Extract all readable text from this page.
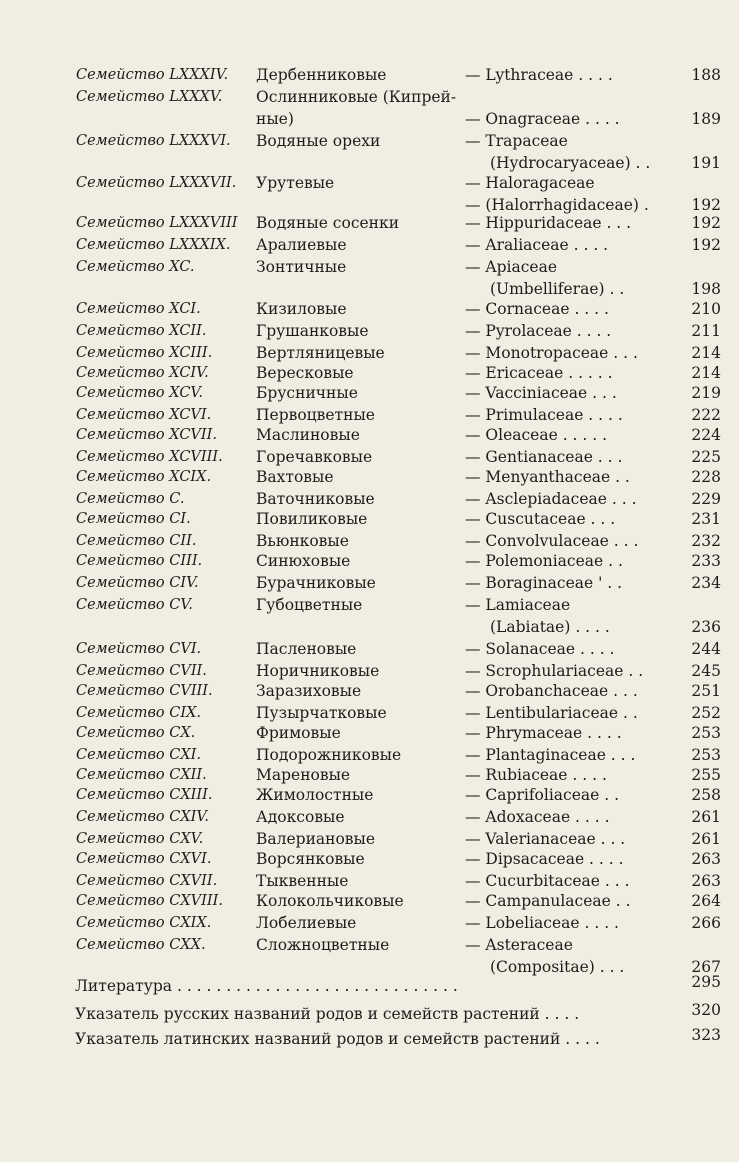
Семейство LXXXIV. Дербенниковые	— Lythraceae . . . .	188
Семейство LXXXV. Ослинниковые (Кипрей-
ные)	— Onagraceae . . . .	189
Семейство LXXXVI. Водяные орехи	— Trapaceae
(Hydrocaryaceae) . .	191
Семейство LXXXVII. Урутевые	— Haloragaceae
— (Halorrhagidaceae) .	192
Семейство LXXXVIII Водяные сосенки	— Hippuridaceae . . .	192
Семейство LXXXIX. Аралиевые	— Araliaceae . . . .	192
Семейство XC.	Зонтичные	— Apiaceae
(Umbelliferae) . .	198
Семейство XCI.	Кизиловые	— Cornaceae . . . .	210
Семейство XCII.	Грушанковые	— Pyrolaceae . . . .	211
Семейство XCIII.	Вертляницевые	— Monotropaceae . . .	214
Семейство XCIV.	Вересковые	— Ericaceae . . . . .	214
Семейство XCV.	Брусничные	— Vacciniaceae . . .	219
Семейство XCVI.	Первоцветные	— Primulaceae . . . .	222
Семейство XCVII.	Маслиновые	— Oleaceae . . . . .	224
Семейство XCVIII. Горечавковые	— Gentianaceae . . .	225
Семейство XCIX.	Вахтовые	— Menyanthaceae . .	228
Семейство C.	Ваточниковые	— Asclepiadaceae . . .	229
Семейство CI.	Повиликовые	— Cuscutaceae . . .	231
Семейство CII.	Вьюнковые	— Convolvulaceae . . .	232
Семейство CIII.	Синюховые	— Polemoniaceae . .	233
Семейство CIV.	Бурачниковые	— Boraginaceae ' . .	234
Семейство CV.	Губоцветные	— Lamiaceae
(Labiatae) . . . .	236
Семейство CVI.	Пасленовые	— Solanaceae . . . .	244
Семейство CVII.	Норичниковые	— Scrophulariaceae . .	245
Семейство CVIII.	Заразиховые	— Orobanchaceae . . .	251
Семейство CIX.	Пузырчатковые	— Lentibulariaceae . .	252
Семейство CX.	Фримовые	— Phrymaceae . . . .	253
Семейство CXI.	Подорожниковые	— Plantaginaceae . . .	253
Семейство CXII.	Мареновые	— Rubiaceae . . . .	255
Семейство CXIII.	Жимолостные	— Caprifoliaceae . .	258
Семейство CXIV.	Адоксовые	— Adoxaceae . . . .	261
Семейство CXV.	Валериановые	— Valerianaceae . . .	261
Семейство CXVI.	Ворсянковые	— Dipsacaceae . . . .	263
Семейство CXVII.	Тыквенные	— Cucurbitaceae . . .	263
Семейство CXVIII. Колокольчиковые	— Campanulaceae . .	264
Семейство CXIX.	Лобелиевые	— Lobeliaceae . . . .	266
Семейство CXX.	Сложноцветные	— Asteraceae
(Compositae) . . .	267
Литература . . . . . . . . . . . . . . . . . . . . . . . . . . . . .	295
Указатель русских названий родов и семейств растений . . . .	320
Указатель латинских названий родов и семейств растений . . . .	323
